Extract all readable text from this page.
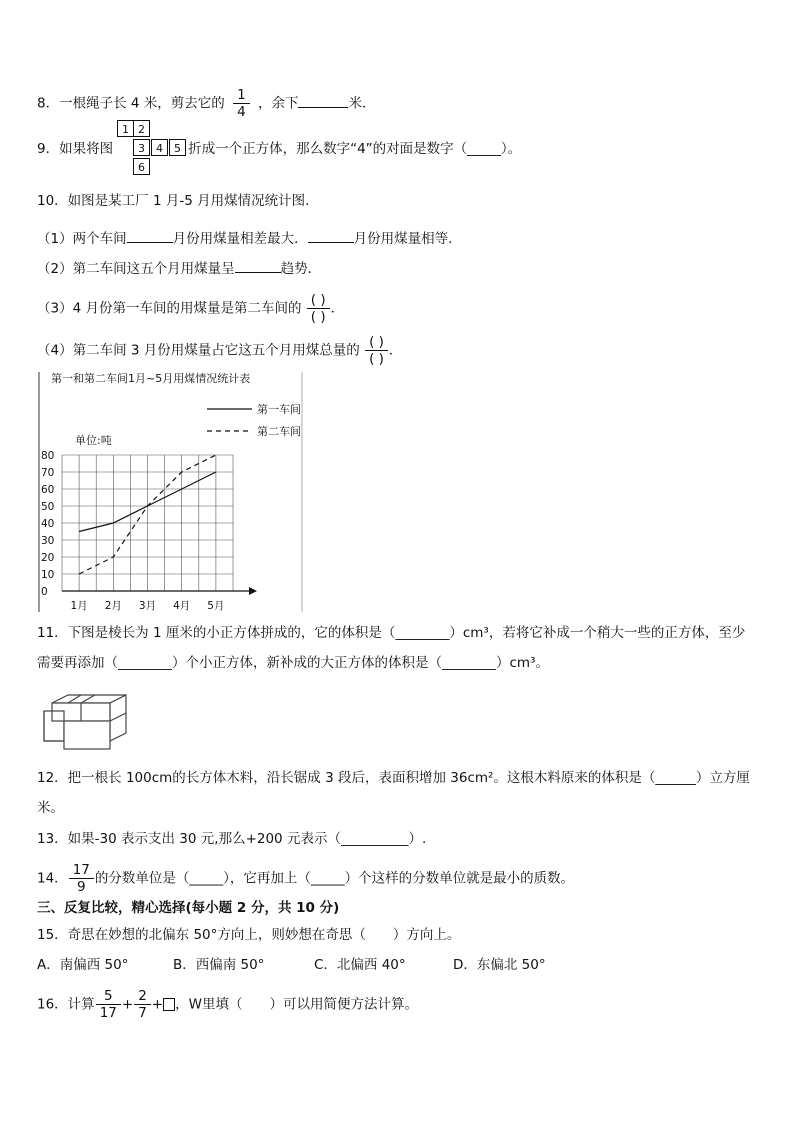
8．一根绳子长 4 米，剪去它的 $\frac{1}{4}$ ，余下	米．
9．如果将图	折成一个正方体，那么数字“4”的对面是数字（_____）。
1 2
3	4	5
6
10．如图是某工厂 1 月-5 月用煤情况统计图．
（1）两个车间	月份用煤量相差最大．	月份用煤量相等．
（2）第二车间这五个月用煤量呈	趋势．
（3）4 月份第一车间的用煤量是第二车间的 $\frac{( )}{( )}$ ．
（4）第二车间 3 月份用煤量占它这五个月用煤总量的 $\frac{( )}{( )}$ ．
第一和第二车间1月~5月用煤情况统计表
第一车间
第二车间
单位:吨
0
10
20
30
40
50
60
70
80
1月 2月 3月 4月 5月
11．下图是棱长为 1 厘米的小正方体拼成的，它的体积是（________）cm³，若将它补成一个稍大一些的正方体，至少
需要再添加（________）个小正方体，新补成的大正方体的体积是（________）cm³。
12．把一根长 100cm的长方体木料，沿长锯成 3 段后，表面积增加 36cm²。这根木料原来的体积是（______）立方厘
米。
13．如果-30 表示支出 30 元,那么+200 元表示（__________）.
14． $\frac{17}{9}$ 的分数单位是（_____），它再加上（_____）个这样的分数单位就是最小的质数。
三、反复比较，精心选择(每小题 2 分，共 10 分)
15．奇思在妙想的北偏东 50°方向上，则妙想在奇思（　　）方向上。
A．南偏西 50°	B．西偏南 50°	C．北偏西 40°	D．东偏北 50°
16．计算 $\frac{5}{17} + \frac{2}{7}$ + ，W里填（　　）可以用简便方法计算。
